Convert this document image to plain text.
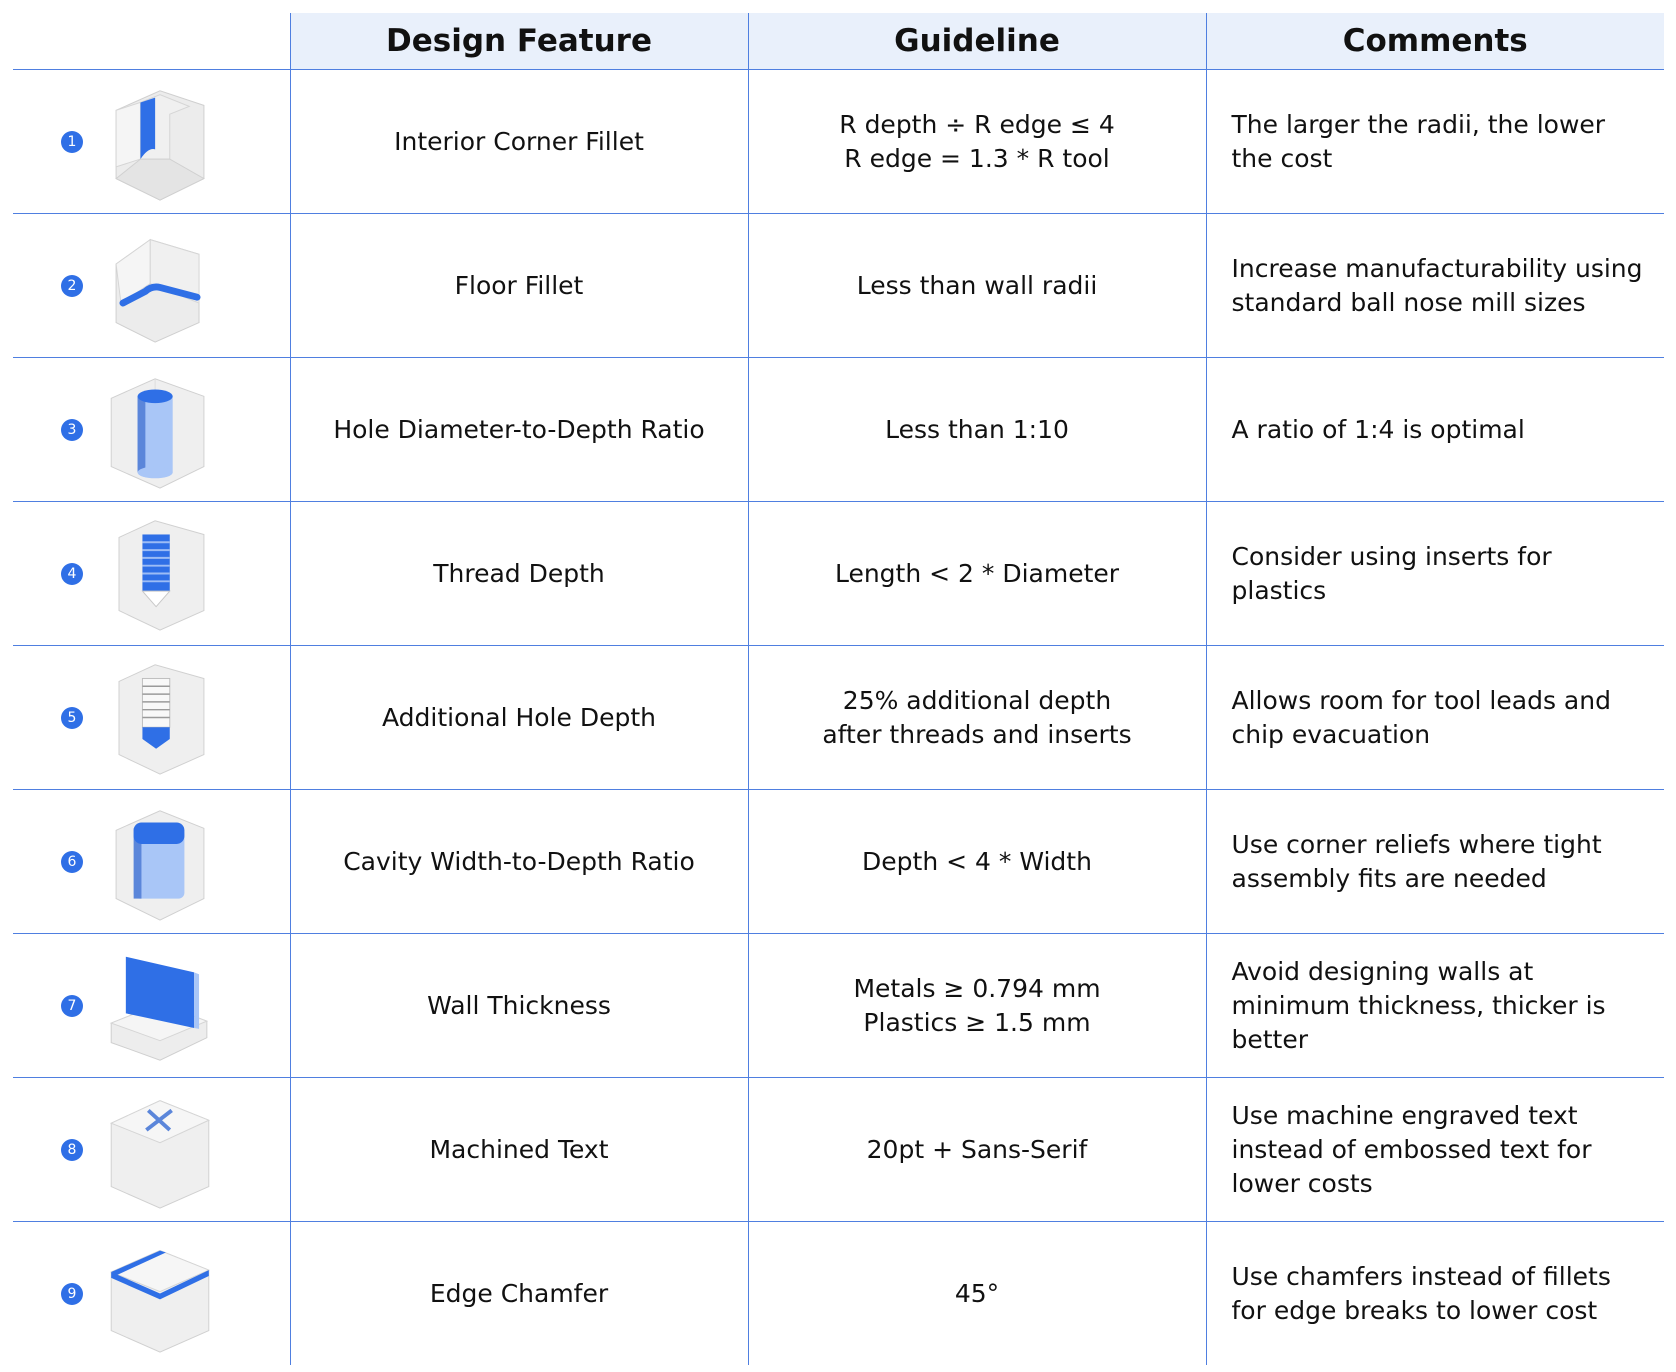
	Design Feature	Guideline	Comments

1	Interior Corner Fillet	R depth ÷ R edge ≤ 4
R edge = 1.3 * R tool	The larger the radii, the lower the cost

2	Floor Fillet	Less than wall radii	Increase manufacturability using standard ball nose mill sizes

3	Hole Diameter-to-Depth Ratio	Less than 1:10	A ratio of 1:4 is optimal

4	Thread Depth	Length < 2 * Diameter	Consider using inserts for plastics

5	Additional Hole Depth	25% additional depth
after threads and inserts	Allows room for tool leads and chip evacuation

6	Cavity Width-to-Depth Ratio	Depth < 4 * Width	Use corner reliefs where tight assembly fits are needed

7	Wall Thickness	Metals ≥ 0.794 mm
Plastics ≥ 1.5 mm	Avoid designing walls at minimum thickness, thicker is better

8	Machined Text	20pt + Sans-Serif	Use machine engraved text instead of embossed text for lower costs

9	Edge Chamfer	45°	Use chamfers instead of fillets for edge breaks to lower cost
